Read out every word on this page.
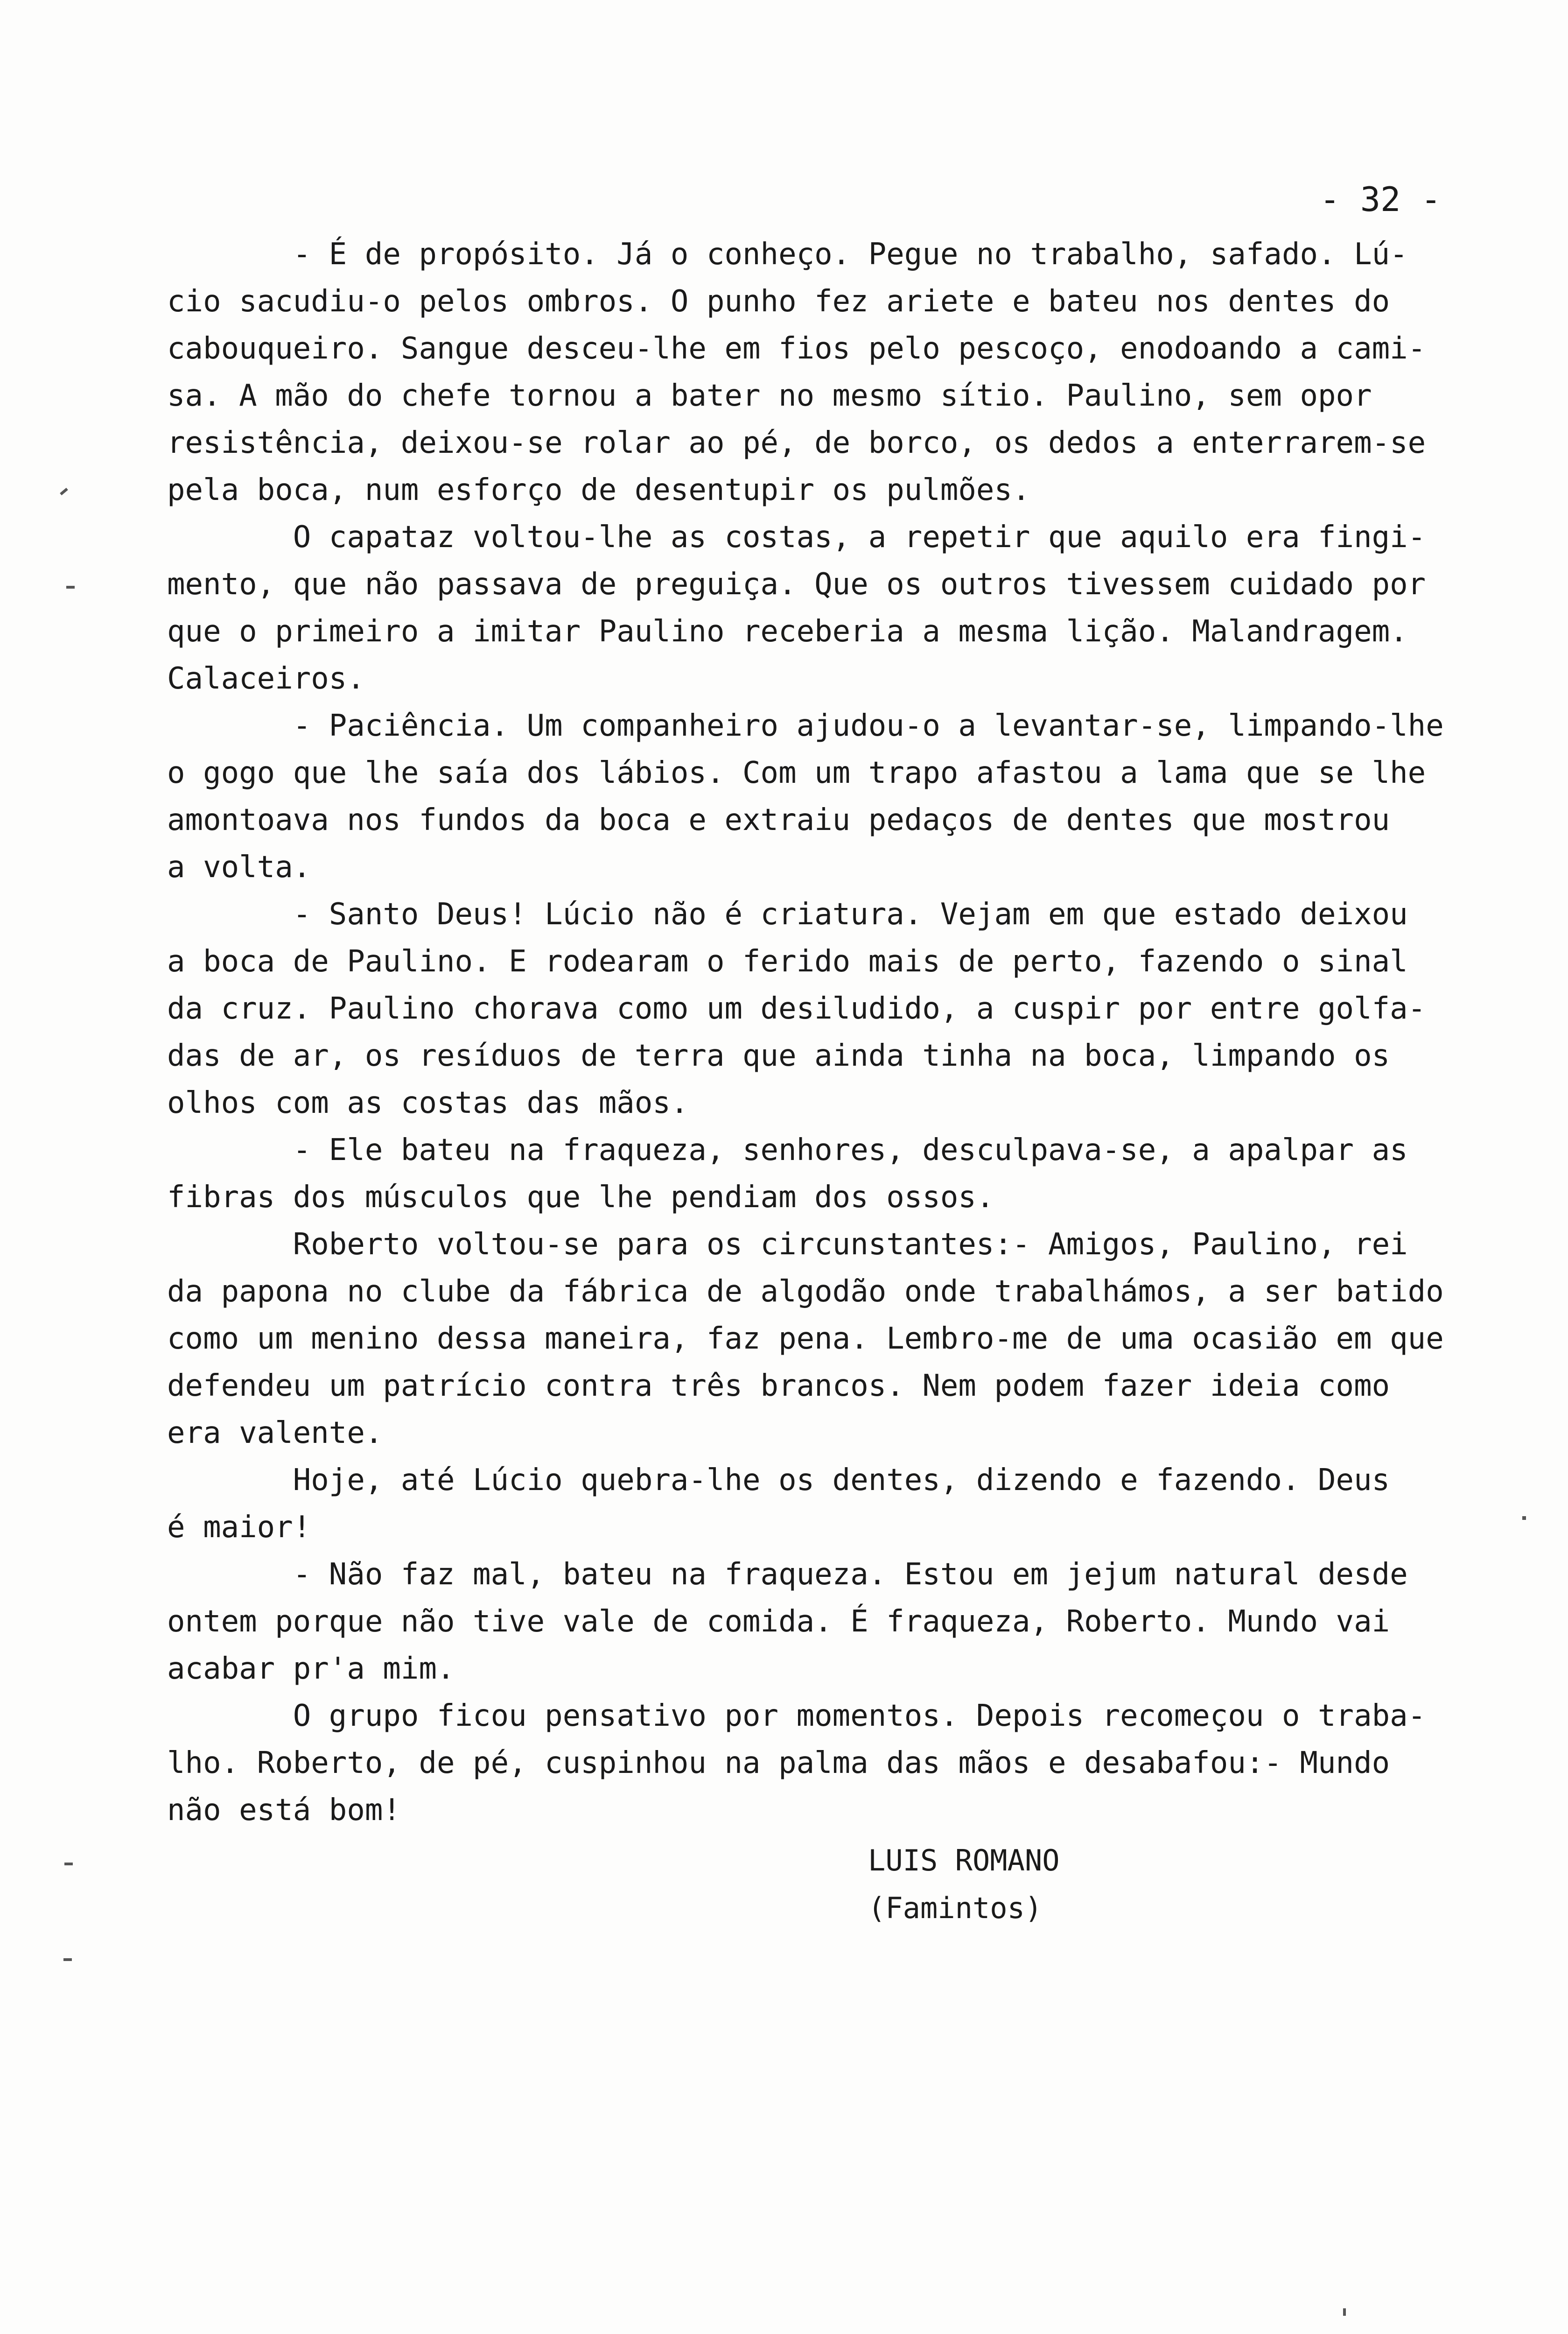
- 32 -
- É de propósito. Já o conheço. Pegue no trabalho, safado. Lú-
cio sacudiu-o pelos ombros. O punho fez ariete e bateu nos dentes do
cabouqueiro. Sangue desceu-lhe em fios pelo pescoço, enodoando a cami-
sa. A mão do chefe tornou a bater no mesmo sítio. Paulino, sem opor
resistência, deixou-se rolar ao pé, de borco, os dedos a enterrarem-se
pela boca, num esforço de desentupir os pulmões.
O capataz voltou-lhe as costas, a repetir que aquilo era fingi-
mento, que não passava de preguiça. Que os outros tivessem cuidado por
que o primeiro a imitar Paulino receberia a mesma lição. Malandragem.
Calaceiros.
- Paciência. Um companheiro ajudou-o a levantar-se, limpando-lhe
o gogo que lhe saía dos lábios. Com um trapo afastou a lama que se lhe
amontoava nos fundos da boca e extraiu pedaços de dentes que mostrou
a volta.
- Santo Deus! Lúcio não é criatura. Vejam em que estado deixou
a boca de Paulino. E rodearam o ferido mais de perto, fazendo o sinal
da cruz. Paulino chorava como um desiludido, a cuspir por entre golfa-
das de ar, os resíduos de terra que ainda tinha na boca, limpando os
olhos com as costas das mãos.
- Ele bateu na fraqueza, senhores, desculpava-se, a apalpar as
fibras dos músculos que lhe pendiam dos ossos.
Roberto voltou-se para os circunstantes:- Amigos, Paulino, rei
da papona no clube da fábrica de algodão onde trabalhámos, a ser batido
como um menino dessa maneira, faz pena. Lembro-me de uma ocasião em que
defendeu um patrício contra três brancos. Nem podem fazer ideia como
era valente.
Hoje, até Lúcio quebra-lhe os dentes, dizendo e fazendo. Deus
é maior!
- Não faz mal, bateu na fraqueza. Estou em jejum natural desde
ontem porque não tive vale de comida. É fraqueza, Roberto. Mundo vai
acabar pr'a mim.
O grupo ficou pensativo por momentos. Depois recomeçou o traba-
lho. Roberto, de pé, cuspinhou na palma das mãos e desabafou:- Mundo
não está bom!
LUIS ROMANO
(Famintos)
